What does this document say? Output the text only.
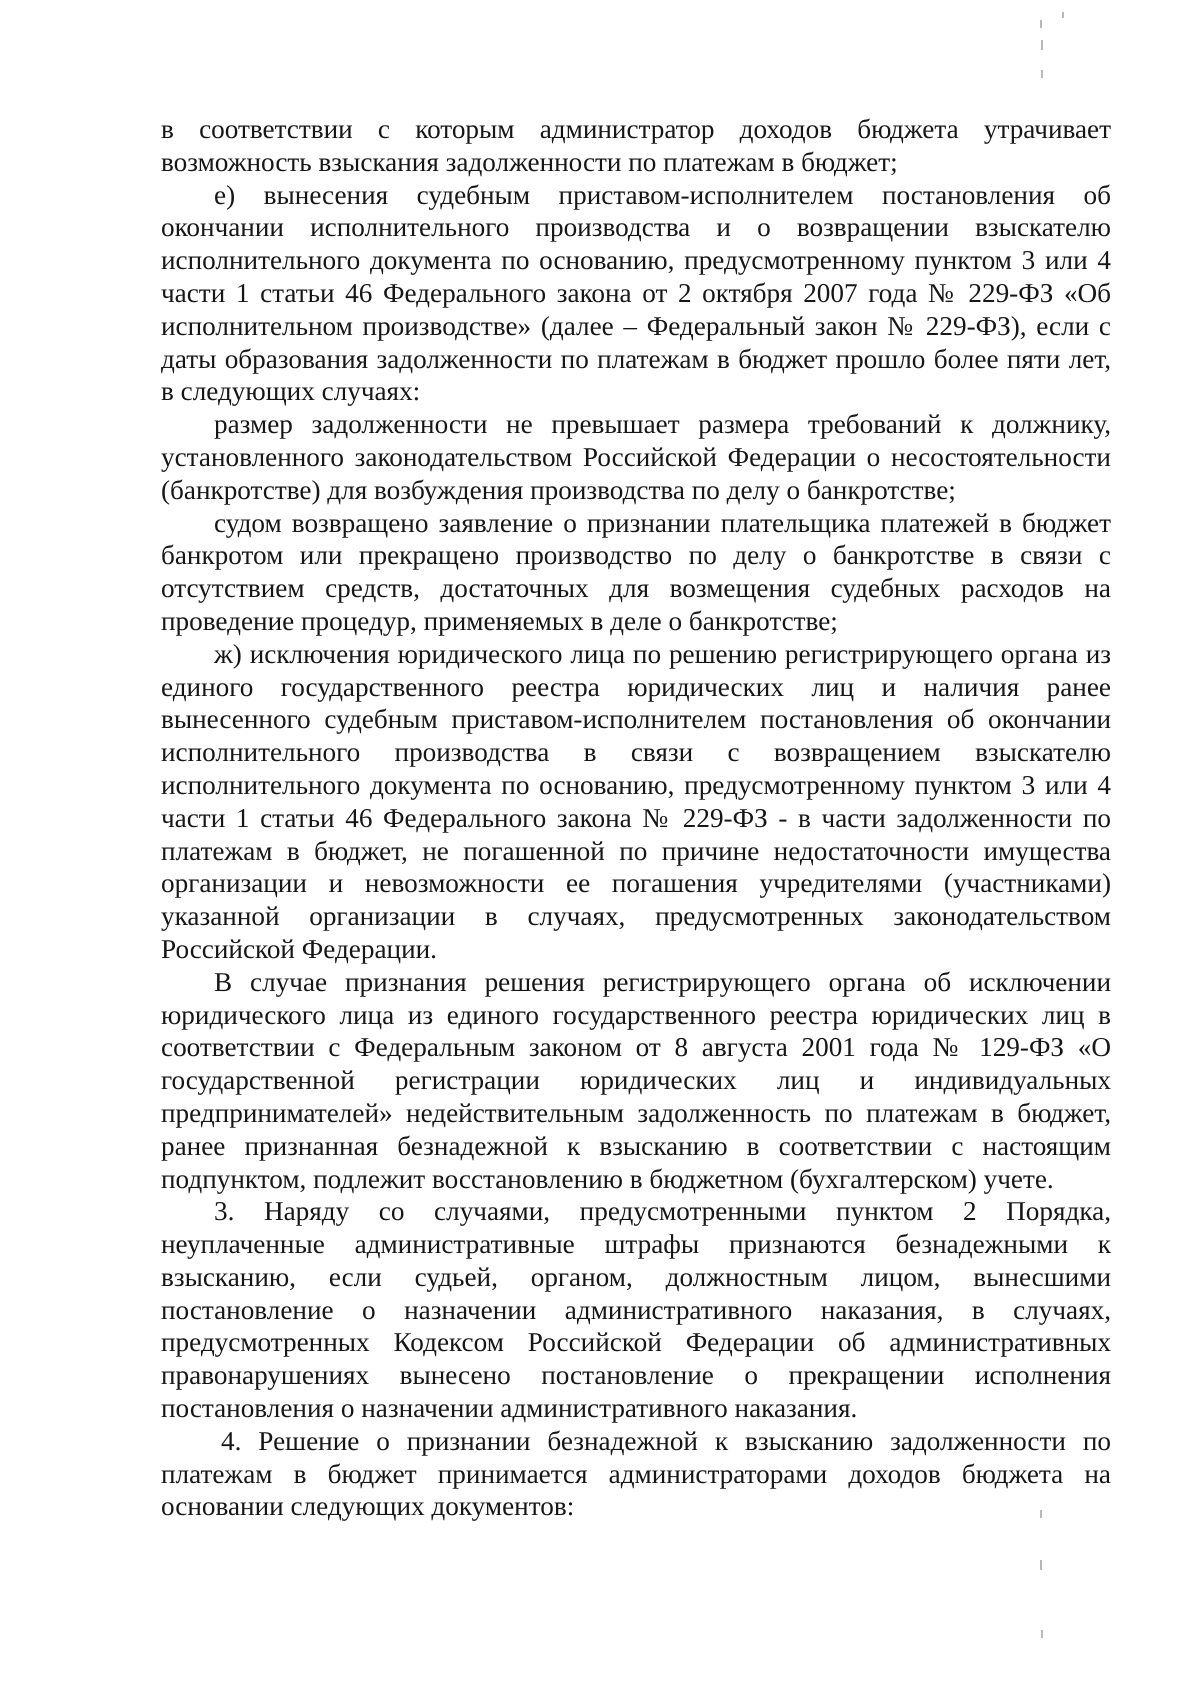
в соответствии с которым администратор доходов бюджета утрачивает возможность взыскания задолженности по платежам в бюджет;

е) вынесения судебным приставом-исполнителем постановления об окончании исполнительного производства и о возвращении взыскателю исполнительного документа по основанию, предусмотренному пунктом 3 или 4 части 1 статьи 46 Федерального закона от 2 октября 2007 года № 229-ФЗ «Об исполнительном производстве» (далее – Федеральный закон № 229-ФЗ), если с даты образования задолженности по платежам в бюджет прошло более пяти лет, в следующих случаях:

размер задолженности не превышает размера требований к должнику, установленного законодательством Российской Федерации о несостоятельности (банкротстве) для возбуждения производства по делу о банкротстве;

судом возвращено заявление о признании плательщика платежей в бюджет банкротом или прекращено производство по делу о банкротстве в связи с отсутствием средств, достаточных для возмещения судебных расходов на проведение процедур, применяемых в деле о банкротстве;

ж) исключения юридического лица по решению регистрирующего органа из единого государственного реестра юридических лиц и наличия ранее вынесенного судебным приставом-исполнителем постановления об окончании исполнительного производства в связи с возвращением взыскателю исполнительного документа по основанию, предусмотренному пунктом 3 или 4 части 1 статьи 46 Федерального закона № 229-ФЗ - в части задолженности по платежам в бюджет, не погашенной по причине недостаточности имущества организации и невозможности ее погашения учредителями (участниками) указанной организации в случаях, предусмотренных законодательством Российской Федерации.

В случае признания решения регистрирующего органа об исключении юридического лица из единого государственного реестра юридических лиц в соответствии с Федеральным законом от 8 августа 2001 года № 129-ФЗ «О государственной регистрации юридических лиц и индивидуальных предпринимателей» недействительным задолженность по платежам в бюджет, ранее признанная безнадежной к взысканию в соответствии с настоящим подпунктом, подлежит восстановлению в бюджетном (бухгалтерском) учете.

3. Наряду со случаями, предусмотренными пунктом 2 Порядка, неуплаченные административные штрафы признаются безнадежными к взысканию, если судьей, органом, должностным лицом, вынесшими постановление о назначении административного наказания, в случаях, предусмотренных Кодексом Российской Федерации об административных правонарушениях вынесено постановление о прекращении исполнения постановления о назначении административного наказания.

4. Решение о признании безнадежной к взысканию задолженности по платежам в бюджет принимается администраторами доходов бюджета на основании следующих документов:
